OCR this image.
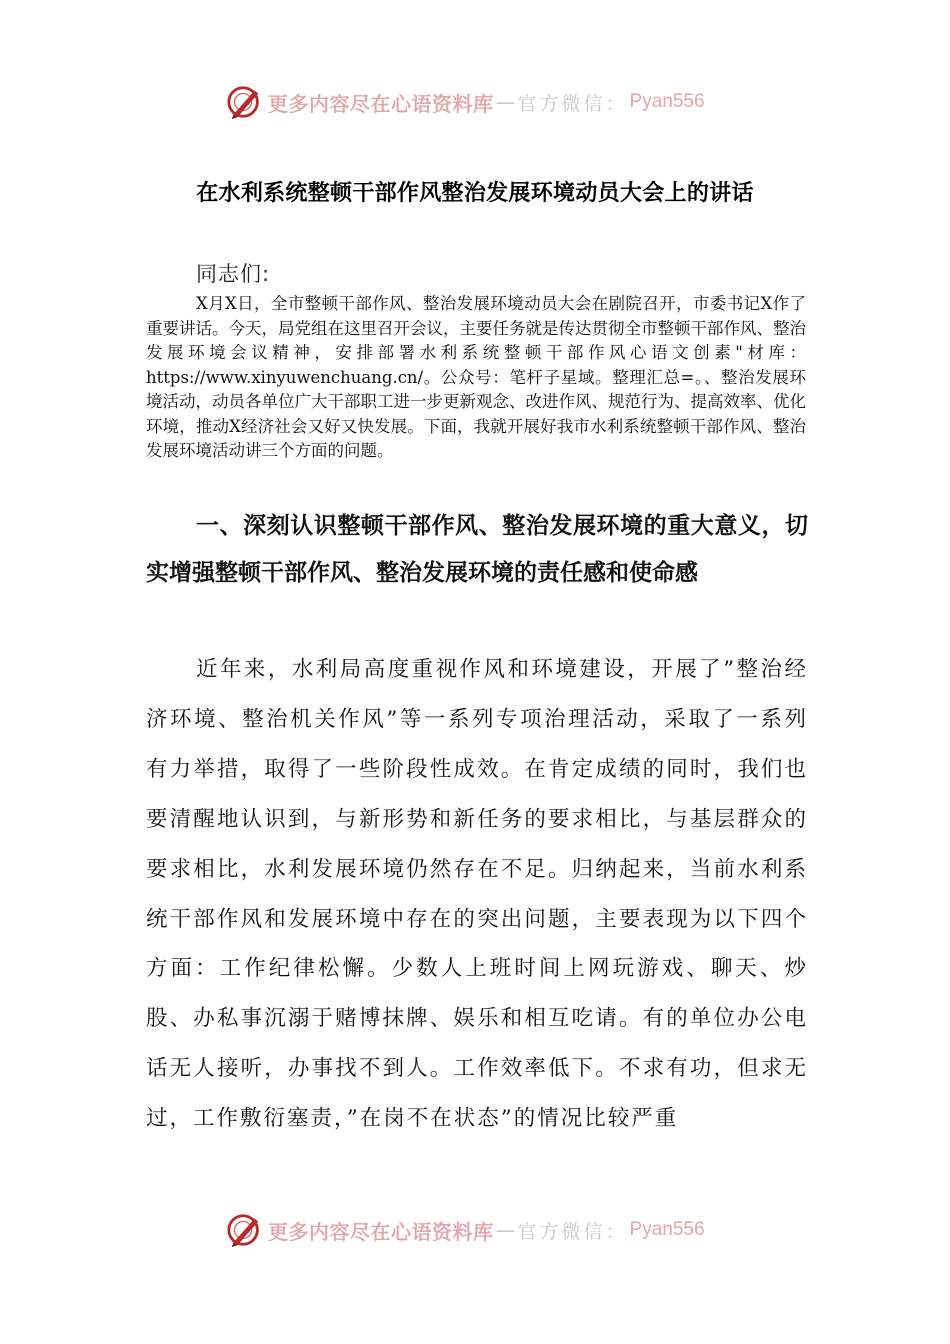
更多内容尽在心语资料库 — 官方微信： Pyan556
在水利系统整顿干部作风整治发展环境动员大会上的讲话
同志们:

X月X日，全市整顿干部作风、整治发展环境动员大会在剧院召开，市委书记X作了重要讲话。今天，局党组在这里召开会议，主要任务就是传达贯彻全市整顿干部作风、整治发展环境会议精神，安排部署水利系统整顿干部作风心语文创素"材库：https://www.xinyuwenchuang.cn/。公众号：笔杆子星域。整理汇总=。、整治发展环境活动，动员各单位广大干部职工进一步更新观念、改进作风、规范行为、提高效率、优化环境，推动X经济社会又好又快发展。下面，我就开展好我市水利系统整顿干部作风、整治发展环境活动讲三个方面的问题。

一、深刻认识整顿干部作风、整治发展环境的重大意义，切实增强整顿干部作风、整治发展环境的责任感和使命感

近年来，水利局高度重视作风和环境建设，开展了”整治经济环境、整治机关作风”等一系列专项治理活动，采取了一系列有力举措，取得了一些阶段性成效。在肯定成绩的同时，我们也要清醒地认识到，与新形势和新任务的要求相比，与基层群众的要求相比，水利发展环境仍然存在不足。归纳起来，当前水利系统干部作风和发展环境中存在的突出问题，主要表现为以下四个方面：工作纪律松懈。少数人上班时间上网玩游戏、聊天、炒股、办私事沉溺于赌博抹牌、娱乐和相互吃请。有的单位办公电话无人接听，办事找不到人。工作效率低下。不求有功，但求无过，工作敷衍塞责，”在岗不在状态”的情况比较严重

更多内容尽在心语资料库 — 官方微信： Pyan556
